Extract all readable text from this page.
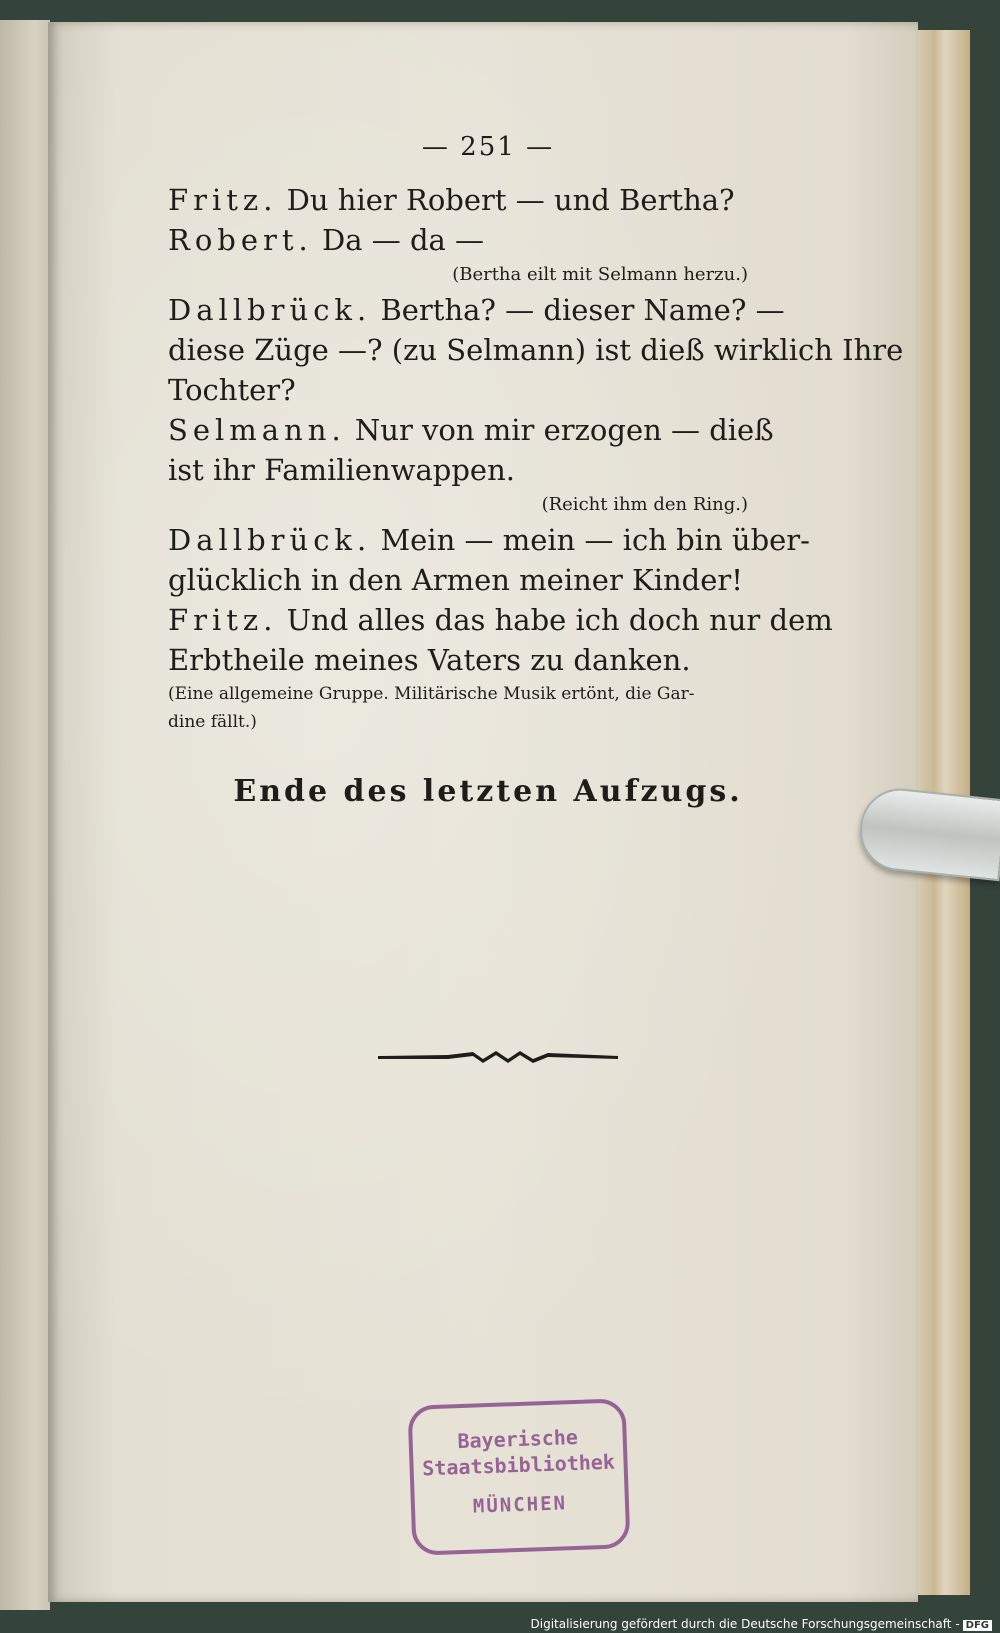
— 251 —
Fritz. Du hier Robert — und Bertha?
Robert. Da — da —
(Bertha eilt mit Selmann herzu.)
Dallbrück. Bertha? — dieser Name? —
diese Züge —? (zu Selmann) ist dieß wirklich Ihre
Tochter?
Selmann. Nur von mir erzogen — dieß
ist ihr Familienwappen.
(Reicht ihm den Ring.)
Dallbrück. Mein — mein — ich bin über-
glücklich in den Armen meiner Kinder!
Fritz. Und alles das habe ich doch nur dem
Erbtheile meines Vaters zu danken.
(Eine allgemeine Gruppe. Militärische Musik ertönt, die Gar-
dine fällt.)
Ende des letzten Aufzugs.
Bayerische
Staatsbibliothek
MÜNCHEN
Digitalisierung gefördert durch die Deutsche Forschungsgemeinschaft - DFG
